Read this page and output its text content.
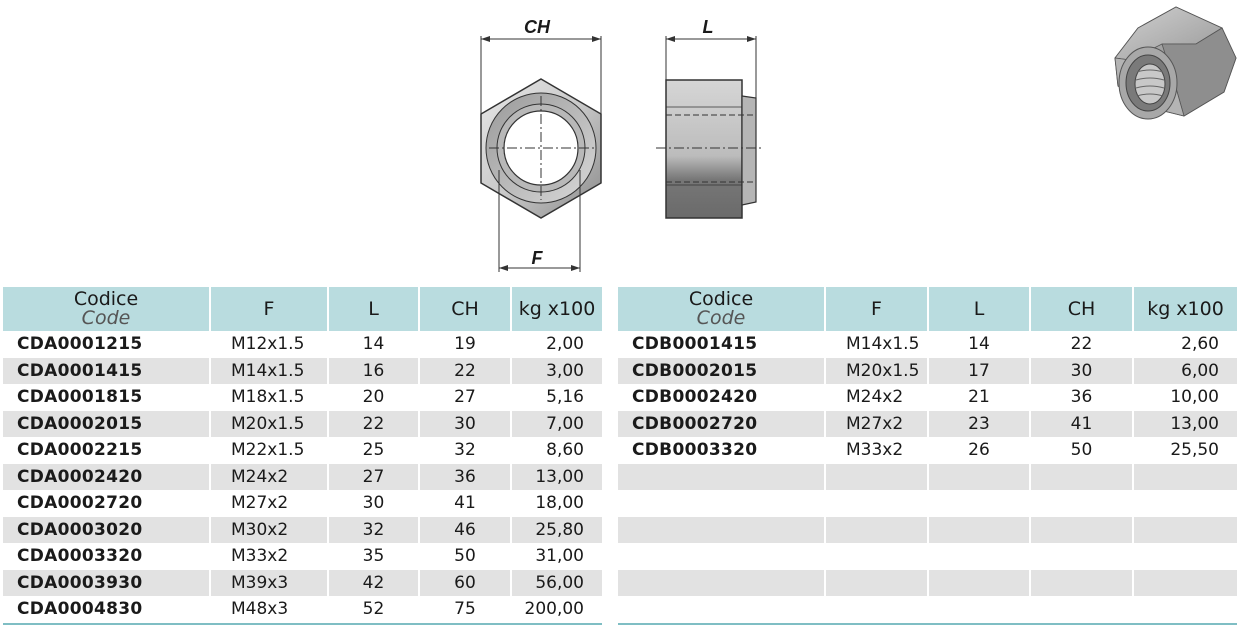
CH
F
L
Codice
Code	F	L	CH	kg x100
CDA0001215	M12x1.5	14	19	2,00
CDA0001415	M14x1.5	16	22	3,00
CDA0001815	M18x1.5	20	27	5,16
CDA0002015	M20x1.5	22	30	7,00
CDA0002215	M22x1.5	25	32	8,60
CDA0002420	M24x2	27	36	13,00
CDA0002720	M27x2	30	41	18,00
CDA0003020	M30x2	32	46	25,80
CDA0003320	M33x2	35	50	31,00
CDA0003930	M39x3	42	60	56,00
CDA0004830	M48x3	52	75	200,00
Codice
Code	F	L	CH	kg x100
CDB0001415	M14x1.5	14	22	2,60
CDB0002015	M20x1.5	17	30	6,00
CDB0002420	M24x2	21	36	10,00
CDB0002720	M27x2	23	41	13,00
CDB0003320	M33x2	26	50	25,50
